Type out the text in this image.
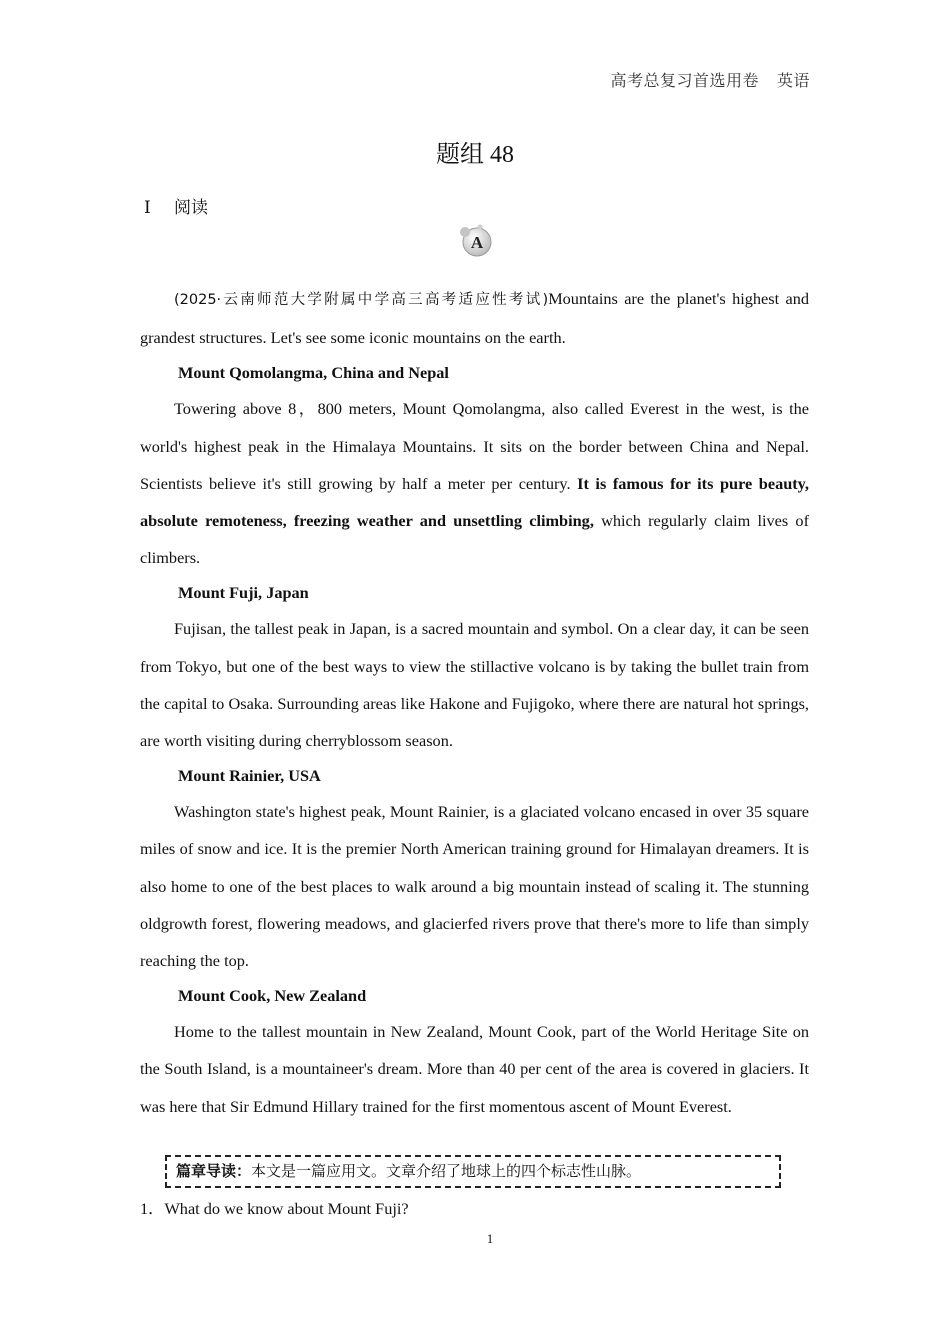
高考总复习首选用卷 英语
题组 48
Ⅰ 阅读
A

(2025·云南师范大学附属中学高三高考适应性考试)Mountains are the planet's highest and grandest structures. Let's see some iconic mountains on the earth.

Mount Qomolangma, China and Nepal

Towering above 8，800 meters, Mount Qomolangma, also called Everest in the west, is the world's highest peak in the Himalaya Mountains. It sits on the border between China and Nepal. Scientists believe it's still growing by half a meter per century. It is famous for its pure beauty, absolute remoteness, freezing weather and unsettling climbing, which regularly claim lives of climbers.

Mount Fuji, Japan

Fujisan, the tallest peak in Japan, is a sacred mountain and symbol. On a clear day, it can be seen from Tokyo, but one of the best ways to view the stillactive volcano is by taking the bullet train from the capital to Osaka. Surrounding areas like Hakone and Fujigoko, where there are natural hot springs, are worth visiting during cherryblossom season.

Mount Rainier, USA

Washington state's highest peak, Mount Rainier, is a glaciated volcano encased in over 35 square miles of snow and ice. It is the premier North American training ground for Himalayan dreamers. It is also home to one of the best places to walk around a big mountain instead of scaling it. The stunning oldgrowth forest, flowering meadows, and glacierfed rivers prove that there's more to life than simply reaching the top.

Mount Cook, New Zealand

Home to the tallest mountain in New Zealand, Mount Cook, part of the World Heritage Site on the South Island, is a mountaineer's dream. More than 40 per cent of the area is covered in glaciers. It was here that Sir Edmund Hillary trained for the first momentous ascent of Mount Everest.

篇章导读：本文是一篇应用文。文章介绍了地球上的四个标志性山脉。
1．What do we know about Mount Fuji?
1
